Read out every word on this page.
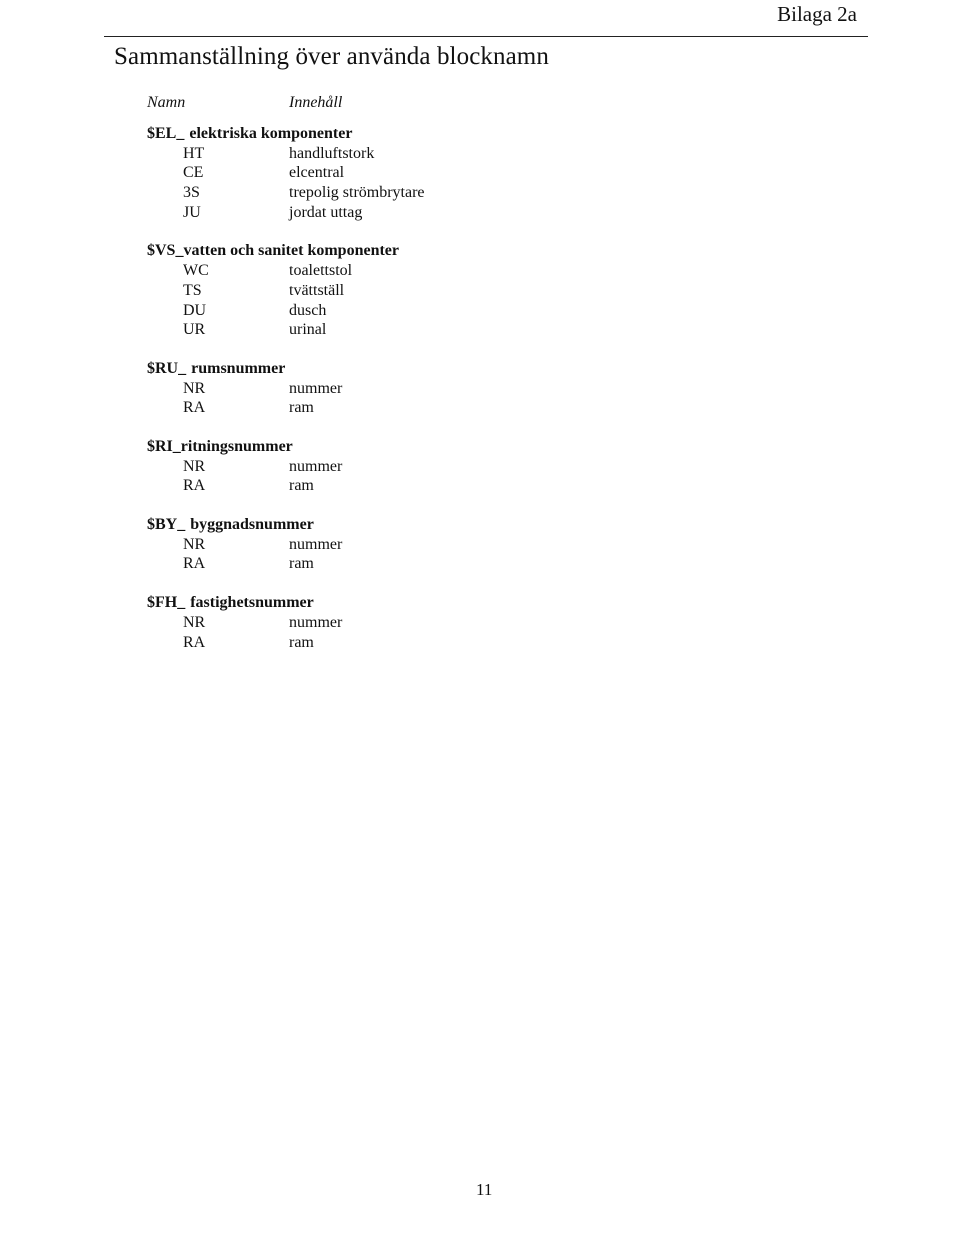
Bilaga 2a
Sammanställning över använda blocknamn
Namn	Innehåll
$EL_ elektriska komponenter
HT	handluftstork
CE	elcentral
3S	trepolig strömbrytare
JU	jordat uttag
$VS_vatten och sanitet komponenter
WC	toalettstol
TS	tvättställ
DU	dusch
UR	urinal
$RU_ rumsnummer
NR	nummer
RA	ram
$RI_ritningsnummer
NR	nummer
RA	ram
$BY_ byggnadsnummer
NR	nummer
RA	ram
$FH_ fastighetsnummer
NR	nummer
RA	ram
11
